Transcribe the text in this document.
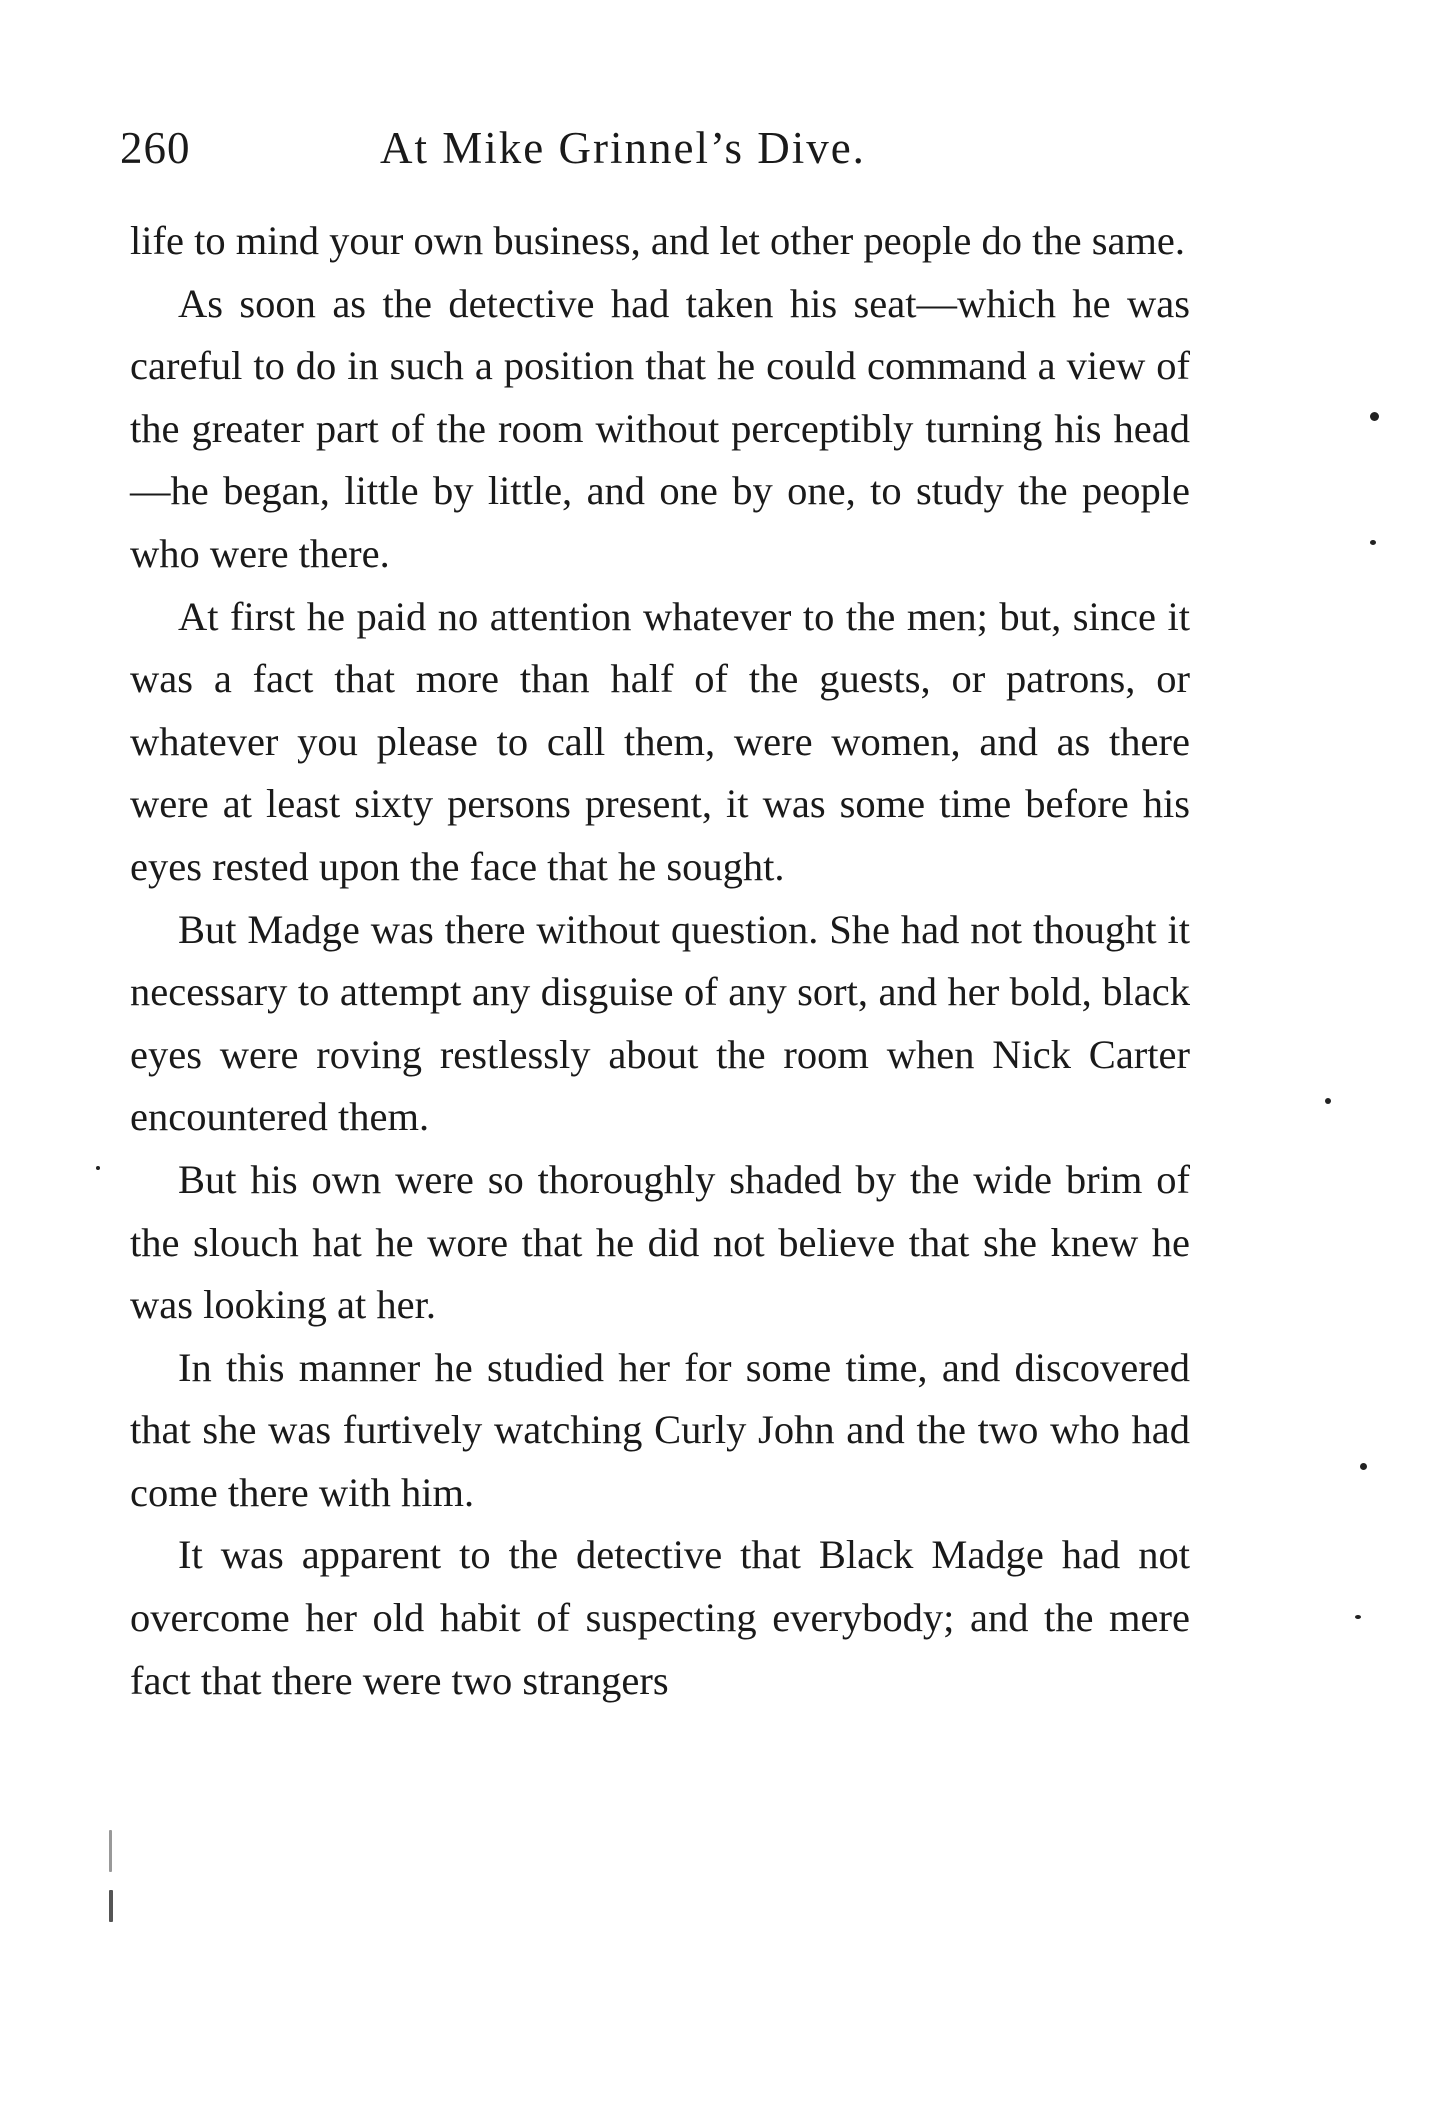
260	At Mike Grinnel’s Dive.

life to mind your own business, and let other people do the same.

As soon as the detective had taken his seat—which he was careful to do in such a position that he could command a view of the greater part of the room without perceptibly turning his head—he began, little by little, and one by one, to study the people who were there.

At first he paid no attention whatever to the men; but, since it was a fact that more than half of the guests, or patrons, or whatever you please to call them, were women, and as there were at least sixty persons present, it was some time before his eyes rested upon the face that he sought.

But Madge was there without question. She had not thought it necessary to attempt any disguise of any sort, and her bold, black eyes were roving restlessly about the room when Nick Carter encountered them.

But his own were so thoroughly shaded by the wide brim of the slouch hat he wore that he did not believe that she knew he was looking at her.

In this manner he studied her for some time, and discovered that she was furtively watching Curly John and the two who had come there with him.

It was apparent to the detective that Black Madge had not overcome her old habit of suspecting everybody; and the mere fact that there were two strangers
